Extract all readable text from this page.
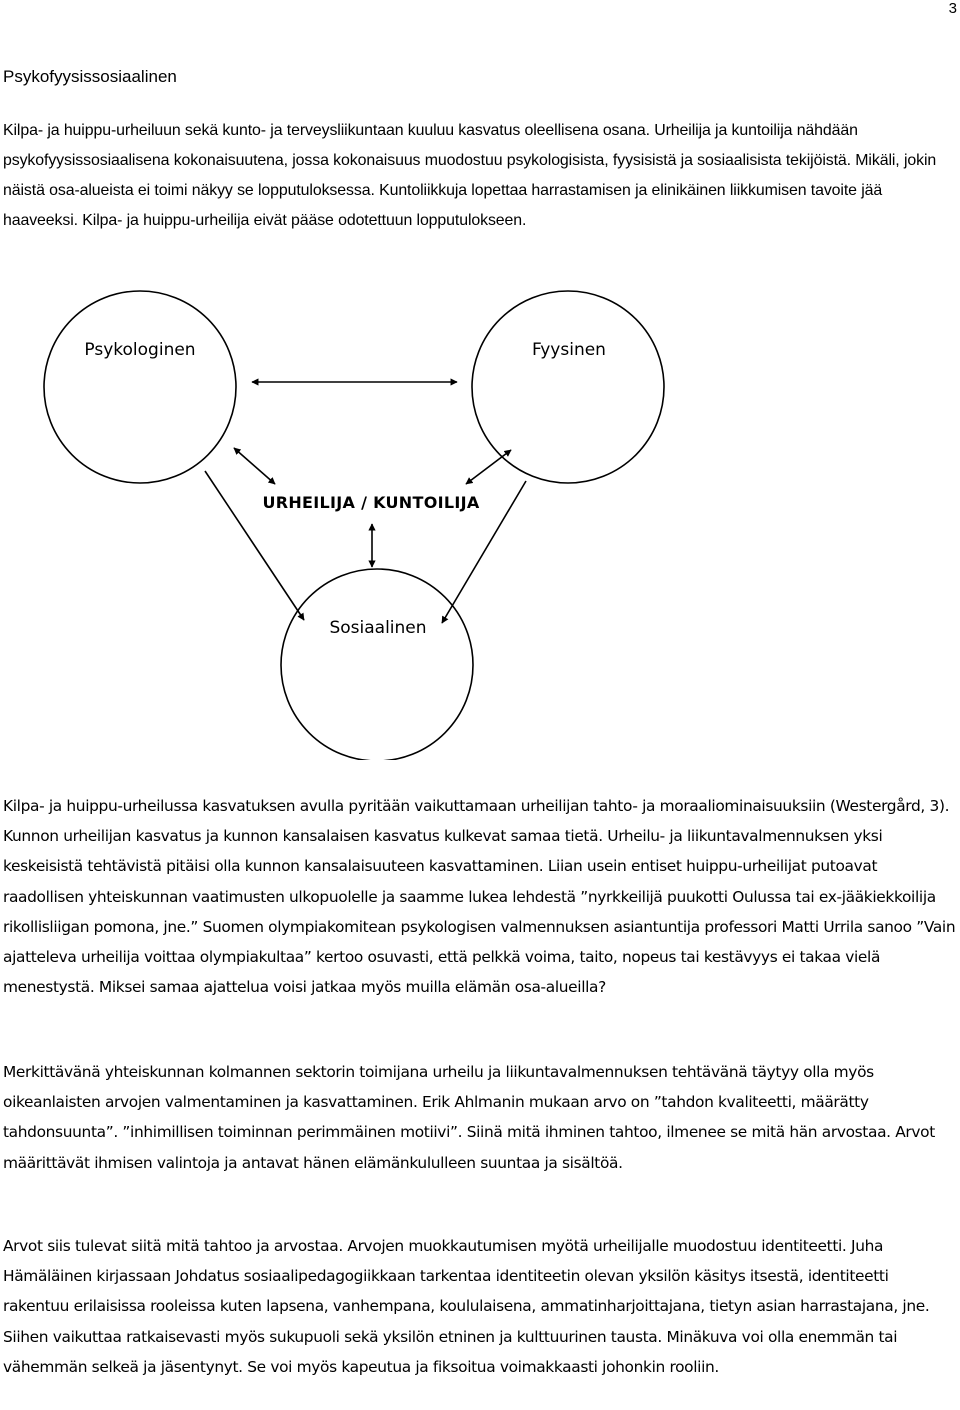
3
Psykofyysissosiaalinen

Kilpa- ja huippu-urheiluun sekä kunto- ja terveysliikuntaan kuuluu kasvatus oleellisena osana. Urheilija ja kuntoilija nähdään psykofyysissosiaalisena kokonaisuutena, jossa kokonaisuus muodostuu psykologisista, fyysisistä ja sosiaalisista tekijöistä. Mikäli, jokin näistä osa-alueista ei toimi näkyy se lopputuloksessa. Kuntoliikkuja lopettaa harrastamisen ja elinikäinen liikkumisen tavoite jää haaveeksi. Kilpa- ja huippu-urheilija eivät pääse odotettuun lopputulokseen.

Psykologinen	Fyysinen
URHEILIJA / KUNTOILIJA
Sosiaalinen

Kilpa- ja huippu-urheilussa kasvatuksen avulla pyritään vaikuttamaan urheilijan tahto- ja moraaliominaisuuksiin (Westergård, 3). Kunnon urheilijan kasvatus ja kunnon kansalaisen kasvatus kulkevat samaa tietä. Urheilu- ja liikuntavalmennuksen yksi keskeisistä tehtävistä pitäisi olla kunnon kansalaisuuteen kasvattaminen. Liian usein entiset huippu-urheilijat putoavat raadollisen yhteiskunnan vaatimusten ulkopuolelle ja saamme lukea lehdestä ”nyrkkeilijä puukotti Oulussa tai ex-jääkiekkoilija rikollisliigan pomona, jne.” Suomen olympiakomitean psykologisen valmennuksen asiantuntija professori Matti Urrila sanoo ”Vain ajatteleva urheilija voittaa olympiakultaa” kertoo osuvasti, että pelkkä voima, taito, nopeus tai kestävyys ei takaa vielä menestystä. Miksei samaa ajattelua voisi jatkaa myös muilla elämän osa-alueilla?

Merkittävänä yhteiskunnan kolmannen sektorin toimijana urheilu ja liikuntavalmennuksen tehtävänä täytyy olla myös oikeanlaisten arvojen valmentaminen ja kasvattaminen. Erik Ahlmanin mukaan arvo on ”tahdon kvaliteetti, määrätty tahdonsuunta”. ”inhimillisen toiminnan perimmäinen motiivi”. Siinä mitä ihminen tahtoo, ilmenee se mitä hän arvostaa. Arvot määrittävät ihmisen valintoja ja antavat hänen elämänkululleen suuntaa ja sisältöä.

Arvot siis tulevat siitä mitä tahtoo ja arvostaa. Arvojen muokkautumisen myötä urheilijalle muodostuu identiteetti. Juha Hämäläinen kirjassaan Johdatus sosiaalipedagogiikkaan tarkentaa identiteetin olevan yksilön käsitys itsestä, identiteetti rakentuu erilaisissa rooleissa kuten lapsena, vanhempana, koululaisena, ammatinharjoittajana, tietyn asian harrastajana, jne. Siihen vaikuttaa ratkaisevasti myös sukupuoli sekä yksilön etninen ja kulttuurinen tausta. Minäkuva voi olla enemmän tai vähemmän selkeä ja jäsentynyt. Se voi myös kapeutua ja fiksoitua voimakkaasti johonkin rooliin.
